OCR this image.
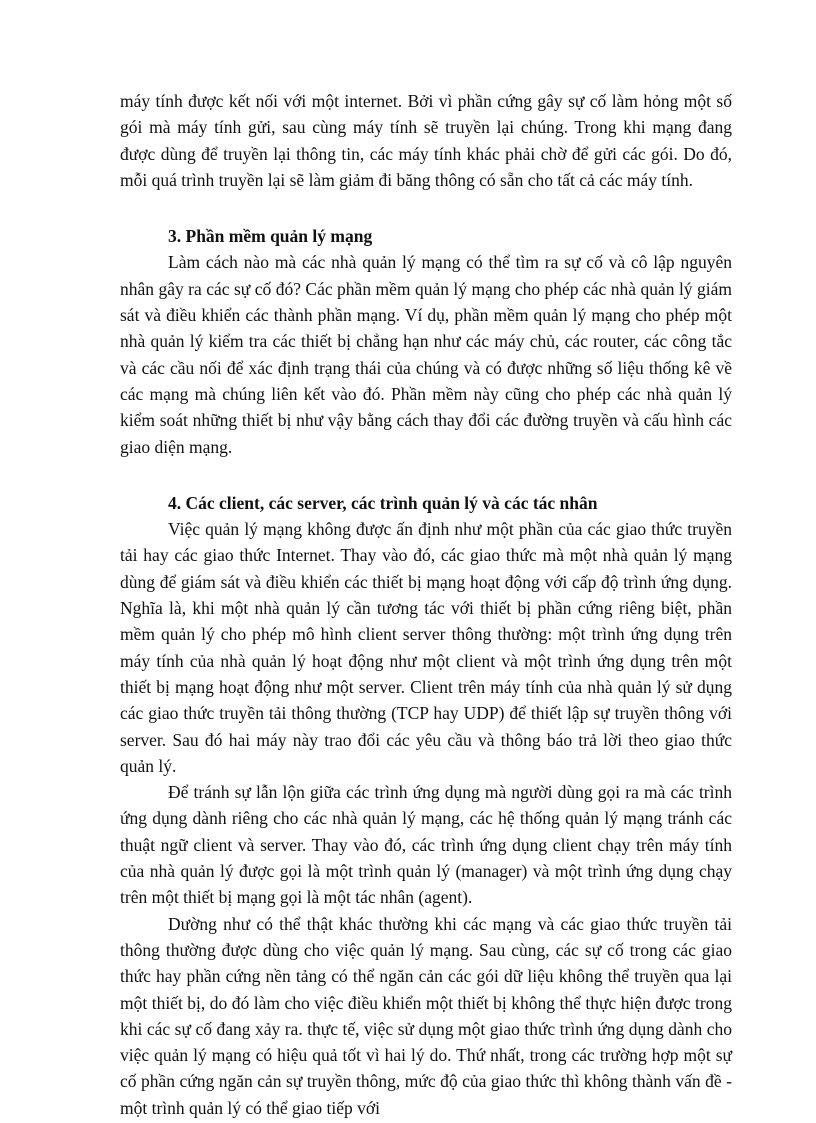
máy tính được kết nối với một internet. Bởi vì phần cứng gây sự cố làm hỏng một số gói mà máy tính gửi, sau cùng máy tính sẽ truyền lại chúng. Trong khi mạng đang được dùng để truyền lại thông tin, các máy tính khác phải chờ để gửi các gói. Do đó, mỗi quá trình truyền lại sẽ làm giảm đi băng thông có sẵn cho tất cả các máy tính.

3. Phần mềm quản lý mạng

Làm cách nào mà các nhà quản lý mạng có thể tìm ra sự cố và cô lập nguyên nhân gây ra các sự cố đó? Các phần mềm quản lý mạng cho phép các nhà quản lý giám sát và điều khiển các thành phần mạng. Ví dụ, phần mềm quản lý mạng cho phép một nhà quản lý kiểm tra các thiết bị chẳng hạn như các máy chủ, các router, các công tắc và các cầu nối để xác định trạng thái của chúng và có được những số liệu thống kê về các mạng mà chúng liên kết vào đó. Phần mềm này cũng cho phép các nhà quản lý kiểm soát những thiết bị như vậy bằng cách thay đổi các đường truyền và cấu hình các giao diện mạng.

4. Các client, các server, các trình quản lý và các tác nhân

Việc quản lý mạng không được ấn định như một phần của các giao thức truyền tải hay các giao thức Internet. Thay vào đó, các giao thức mà một nhà quản lý mạng dùng để giám sát và điều khiển các thiết bị mạng hoạt động với cấp độ trình ứng dụng. Nghĩa là, khi một nhà quản lý cần tương tác với thiết bị phần cứng riêng biệt, phần mềm quản lý cho phép mô hình client server thông thường: một trình ứng dụng trên máy tính của nhà quản lý hoạt động như một client và một trình ứng dụng trên một thiết bị mạng hoạt động như một server. Client trên máy tính của nhà quản lý sử dụng các giao thức truyền tải thông thường (TCP hay UDP) để thiết lập sự truyền thông với server. Sau đó hai máy này trao đổi các yêu cầu và thông báo trả lời theo giao thức quản lý.

Để tránh sự lẫn lộn giữa các trình ứng dụng mà người dùng gọi ra mà các trình ứng dụng dành riêng cho các nhà quản lý mạng, các hệ thống quản lý mạng tránh các thuật ngữ client và server. Thay vào đó, các trình ứng dụng client chạy trên máy tính của nhà quản lý được gọi là một trình quản lý (manager) và một trình ứng dụng chạy trên một thiết bị mạng gọi là một tác nhân (agent).

Dường như có thể thật khác thường khi các mạng và các giao thức truyền tải thông thường được dùng cho việc quản lý mạng. Sau cùng, các sự cố trong các giao thức hay phần cứng nền tảng có thể ngăn cản các gói dữ liệu không thể truyền qua lại một thiết bị, do đó làm cho việc điều khiển một thiết bị không thể thực hiện được trong khi các sự cố đang xảy ra. thực tế, việc sử dụng một giao thức trình ứng dụng dành cho việc quản lý mạng có hiệu quả tốt vì hai lý do. Thứ nhất, trong các trường hợp một sự cố phần cứng ngăn cản sự truyền thông, mức độ của giao thức thì không thành vấn đề - một trình quản lý có thể giao tiếp với
